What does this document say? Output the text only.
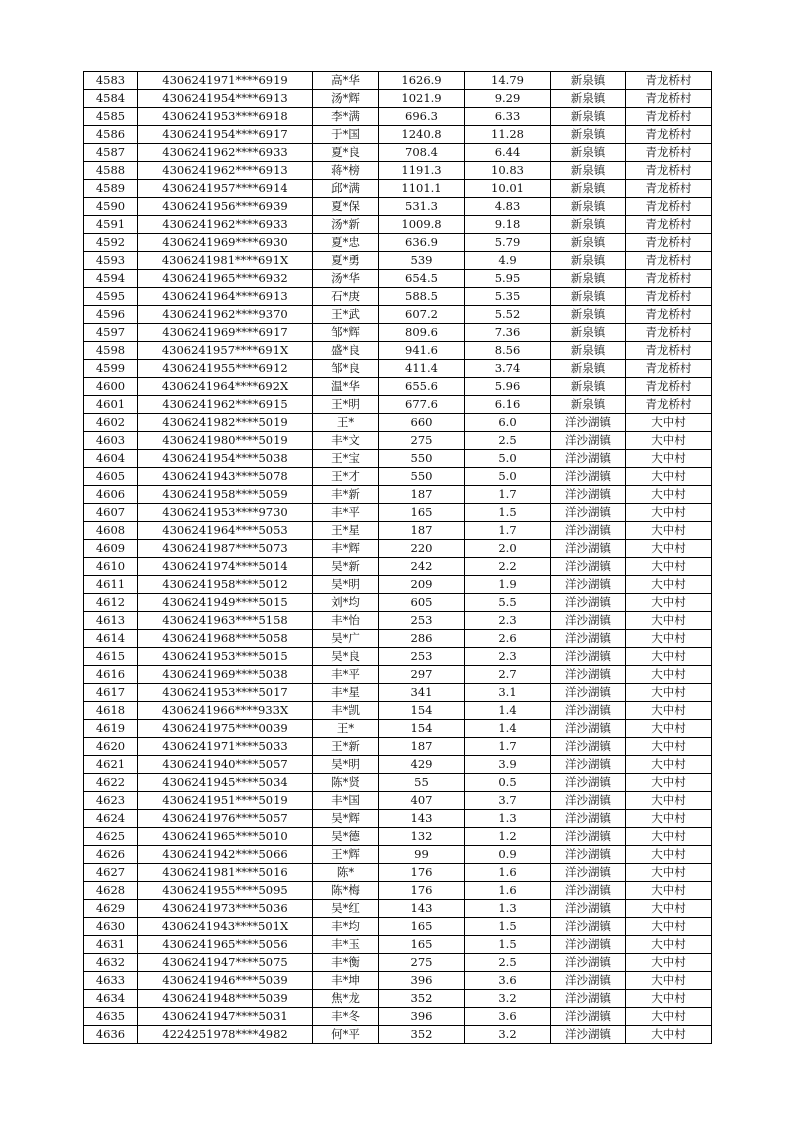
4583	4306241971****6919	高*华	1626.9	14.79	新泉镇	青龙桥村
4584	4306241954****6913	汤*辉	1021.9	9.29	新泉镇	青龙桥村
4585	4306241953****6918	李*满	696.3	6.33	新泉镇	青龙桥村
4586	4306241954****6917	于*国	1240.8	11.28	新泉镇	青龙桥村
4587	4306241962****6933	夏*良	708.4	6.44	新泉镇	青龙桥村
4588	4306241962****6913	蒋*榜	1191.3	10.83	新泉镇	青龙桥村
4589	4306241957****6914	邱*满	1101.1	10.01	新泉镇	青龙桥村
4590	4306241956****6939	夏*保	531.3	4.83	新泉镇	青龙桥村
4591	4306241962****6933	汤*新	1009.8	9.18	新泉镇	青龙桥村
4592	4306241969****6930	夏*忠	636.9	5.79	新泉镇	青龙桥村
4593	4306241981****691X	夏*勇	539	4.9	新泉镇	青龙桥村
4594	4306241965****6932	汤*华	654.5	5.95	新泉镇	青龙桥村
4595	4306241964****6913	石*庚	588.5	5.35	新泉镇	青龙桥村
4596	4306241962****9370	王*武	607.2	5.52	新泉镇	青龙桥村
4597	4306241969****6917	邹*辉	809.6	7.36	新泉镇	青龙桥村
4598	4306241957****691X	盛*良	941.6	8.56	新泉镇	青龙桥村
4599	4306241955****6912	邹*良	411.4	3.74	新泉镇	青龙桥村
4600	4306241964****692X	温*华	655.6	5.96	新泉镇	青龙桥村
4601	4306241962****6915	王*明	677.6	6.16	新泉镇	青龙桥村
4602	4306241982****5019	王*	660	6.0	洋沙湖镇	大中村
4603	4306241980****5019	丰*文	275	2.5	洋沙湖镇	大中村
4604	4306241954****5038	王*宝	550	5.0	洋沙湖镇	大中村
4605	4306241943****5078	王*才	550	5.0	洋沙湖镇	大中村
4606	4306241958****5059	丰*新	187	1.7	洋沙湖镇	大中村
4607	4306241953****9730	丰*平	165	1.5	洋沙湖镇	大中村
4608	4306241964****5053	王*星	187	1.7	洋沙湖镇	大中村
4609	4306241987****5073	丰*辉	220	2.0	洋沙湖镇	大中村
4610	4306241974****5014	吴*新	242	2.2	洋沙湖镇	大中村
4611	4306241958****5012	吴*明	209	1.9	洋沙湖镇	大中村
4612	4306241949****5015	刘*均	605	5.5	洋沙湖镇	大中村
4613	4306241963****5158	丰*怡	253	2.3	洋沙湖镇	大中村
4614	4306241968****5058	吴*广	286	2.6	洋沙湖镇	大中村
4615	4306241953****5015	吴*良	253	2.3	洋沙湖镇	大中村
4616	4306241969****5038	丰*平	297	2.7	洋沙湖镇	大中村
4617	4306241953****5017	丰*星	341	3.1	洋沙湖镇	大中村
4618	4306241966****933X	丰*凯	154	1.4	洋沙湖镇	大中村
4619	4306241975****0039	王*	154	1.4	洋沙湖镇	大中村
4620	4306241971****5033	王*新	187	1.7	洋沙湖镇	大中村
4621	4306241940****5057	吴*明	429	3.9	洋沙湖镇	大中村
4622	4306241945****5034	陈*贤	55	0.5	洋沙湖镇	大中村
4623	4306241951****5019	丰*国	407	3.7	洋沙湖镇	大中村
4624	4306241976****5057	吴*辉	143	1.3	洋沙湖镇	大中村
4625	4306241965****5010	吴*德	132	1.2	洋沙湖镇	大中村
4626	4306241942****5066	王*辉	99	0.9	洋沙湖镇	大中村
4627	4306241981****5016	陈*	176	1.6	洋沙湖镇	大中村
4628	4306241955****5095	陈*梅	176	1.6	洋沙湖镇	大中村
4629	4306241973****5036	吴*红	143	1.3	洋沙湖镇	大中村
4630	4306241943****501X	丰*均	165	1.5	洋沙湖镇	大中村
4631	4306241965****5056	丰*玉	165	1.5	洋沙湖镇	大中村
4632	4306241947****5075	丰*衡	275	2.5	洋沙湖镇	大中村
4633	4306241946****5039	丰*坤	396	3.6	洋沙湖镇	大中村
4634	4306241948****5039	焦*龙	352	3.2	洋沙湖镇	大中村
4635	4306241947****5031	丰*冬	396	3.6	洋沙湖镇	大中村
4636	4224251978****4982	何*平	352	3.2	洋沙湖镇	大中村
